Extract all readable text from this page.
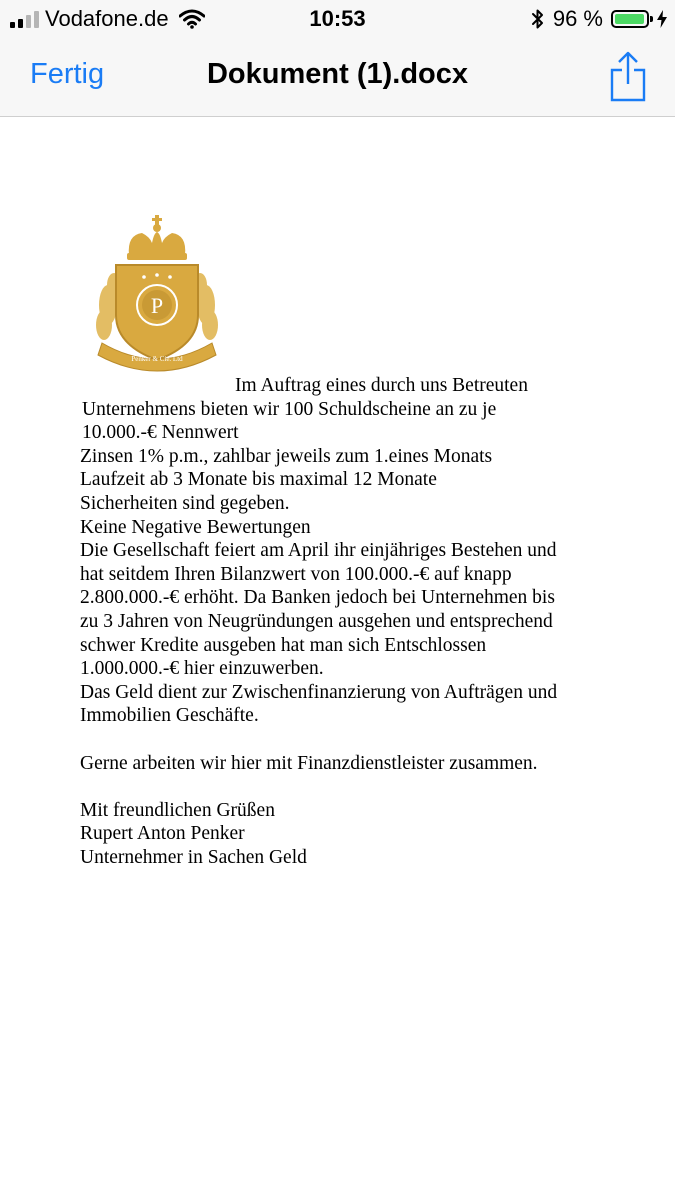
Vodafone.de	10:53	96 %
Fertig	Dokument (1).docx
P
Penker & Cie. Ltd

Im Auftrag eines durch uns Betreuten

Unternehmens bieten wir 100 Schuldscheine an zu je

10.000.-€ Nennwert

Zinsen 1% p.m., zahlbar jeweils zum 1.eines Monats

Laufzeit ab 3 Monate bis maximal 12 Monate

Sicherheiten sind gegeben.

Keine Negative Bewertungen

Die Gesellschaft feiert am April ihr einjähriges Bestehen und

hat seitdem Ihren Bilanzwert von 100.000.-€ auf knapp

2.800.000.-€ erhöht. Da Banken jedoch bei Unternehmen bis

zu 3 Jahren von Neugründungen ausgehen und entsprechend

schwer Kredite ausgeben hat man sich Entschlossen

1.000.000.-€ hier einzuwerben.

Das Geld dient zur Zwischenfinanzierung von Aufträgen und

Immobilien Geschäfte.

Gerne arbeiten wir hier mit Finanzdienstleister zusammen.

Mit freundlichen Grüßen

Rupert Anton Penker

Unternehmer in Sachen Geld
